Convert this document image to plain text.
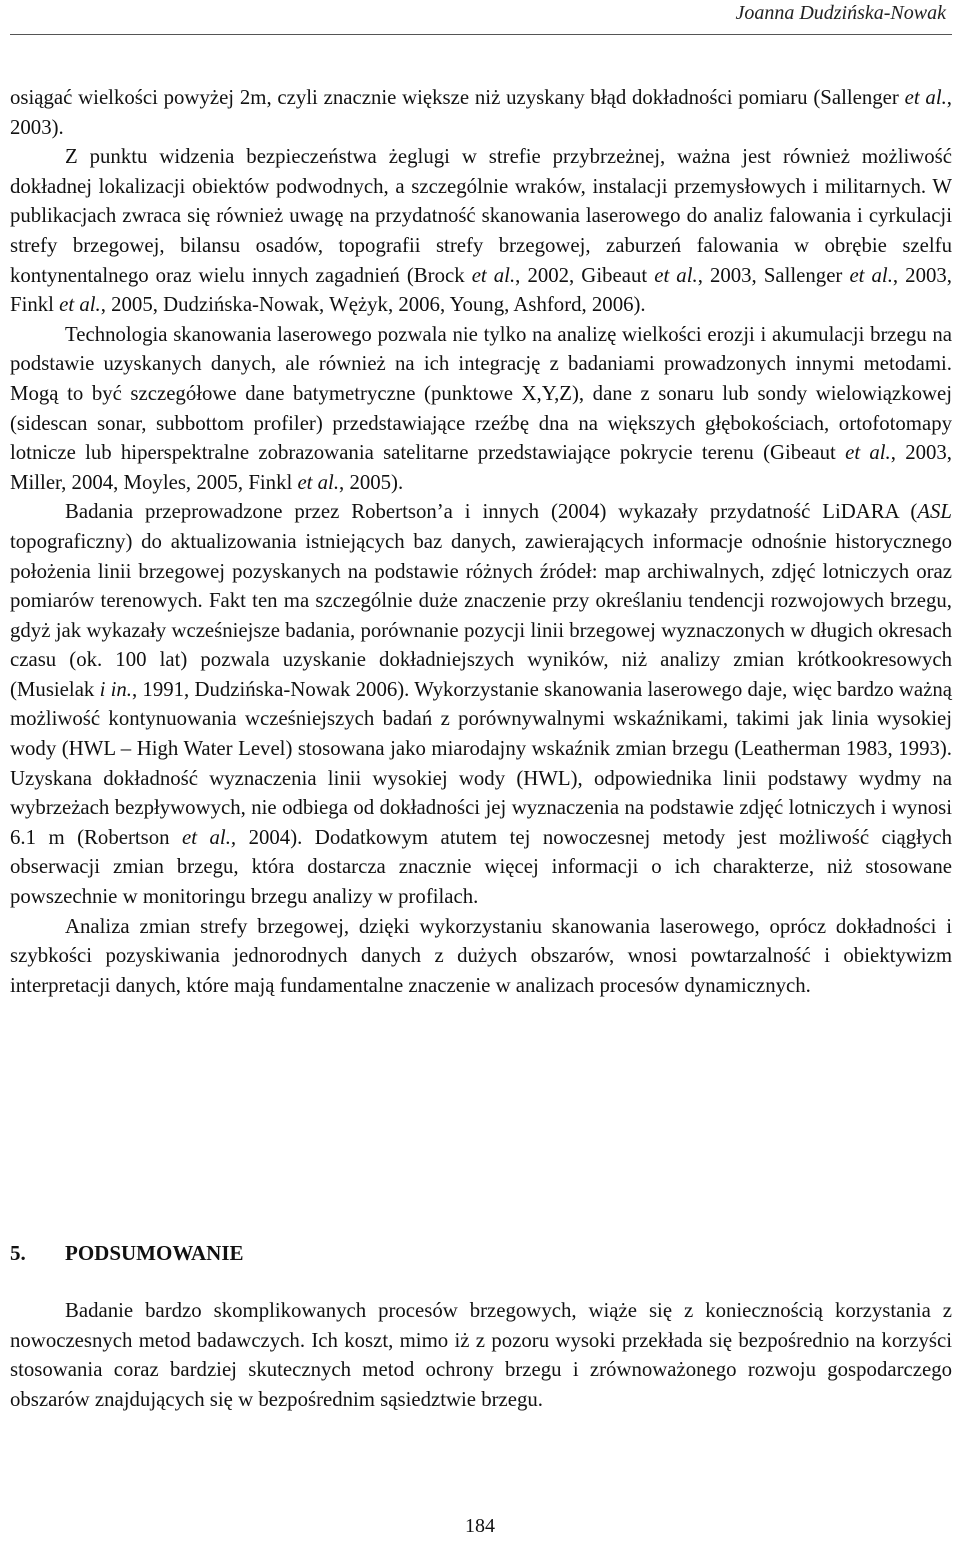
Joanna Dudzińska-Nowak

osiągać wielkości powyżej 2m, czyli znacznie większe niż uzyskany błąd dokładności pomiaru (Sallenger et al., 2003).

Z punktu widzenia bezpieczeństwa żeglugi w strefie przybrzeżnej, ważna jest również możliwość dokładnej lokalizacji obiektów podwodnych, a szczególnie wraków, instalacji przemysłowych i militarnych. W publikacjach zwraca się również uwagę na przydatność skanowania laserowego do analiz falowania i cyrkulacji strefy brzegowej, bilansu osadów, topografii strefy brzegowej, zaburzeń falowania w obrębie szelfu kontynentalnego oraz wielu innych zagadnień (Brock et al., 2002, Gibeaut et al., 2003, Sallenger et al., 2003, Finkl et al., 2005, Dudzińska-Nowak, Wężyk, 2006, Young, Ashford, 2006).

Technologia skanowania laserowego pozwala nie tylko na analizę wielkości erozji i akumulacji brzegu na podstawie uzyskanych danych, ale również na ich integrację z badaniami prowadzonych innymi metodami. Mogą to być szczegółowe dane batymetryczne (punktowe X,Y,Z), dane z sonaru lub sondy wielowiązkowej (sidescan sonar, subbottom profiler) przedstawiające rzeźbę dna na większych głębokościach, ortofotomapy lotnicze lub hiperspektralne zobrazowania satelitarne przedstawiające pokrycie terenu (Gibeaut et al., 2003, Miller, 2004, Moyles, 2005, Finkl et al., 2005).

Badania przeprowadzone przez Robertson’a i innych (2004) wykazały przydatność LiDARA (ASL topograficzny) do aktualizowania istniejących baz danych, zawierających informacje odnośnie historycznego położenia linii brzegowej pozyskanych na podstawie różnych źródeł: map archiwalnych, zdjęć lotniczych oraz pomiarów terenowych. Fakt ten ma szczególnie duże znaczenie przy określaniu tendencji rozwojowych brzegu, gdyż jak wykazały wcześniejsze badania, porównanie pozycji linii brzegowej wyznaczonych w długich okresach czasu (ok. 100 lat) pozwala uzyskanie dokładniejszych wyników, niż analizy zmian krótkookresowych (Musielak i in., 1991, Dudzińska-Nowak 2006). Wykorzystanie skanowania laserowego daje, więc bardzo ważną możliwość kontynuowania wcześniejszych badań z porównywalnymi wskaźnikami, takimi jak linia wysokiej wody (HWL – High Water Level) stosowana jako miarodajny wskaźnik zmian brzegu (Leatherman 1983, 1993). Uzyskana dokładność wyznaczenia linii wysokiej wody (HWL), odpowiednika linii podstawy wydmy na wybrzeżach bezpływowych, nie odbiega od dokładności jej wyznaczenia na podstawie zdjęć lotniczych i wynosi 6.1 m (Robertson et al., 2004). Dodatkowym atutem tej nowoczesnej metody jest możliwość ciągłych obserwacji zmian brzegu, która dostarcza znacznie więcej informacji o ich charakterze, niż stosowane powszechnie w monitoringu brzegu analizy w profilach.

Analiza zmian strefy brzegowej, dzięki wykorzystaniu skanowania laserowego, oprócz dokładności i szybkości pozyskiwania jednorodnych danych z dużych obszarów, wnosi powtarzalność i obiektywizm interpretacji danych, które mają fundamentalne znaczenie w analizach procesów dynamicznych.

5. PODSUMOWANIE

Badanie bardzo skomplikowanych procesów brzegowych, wiąże się z koniecznością korzystania z nowoczesnych metod badawczych. Ich koszt, mimo iż z pozoru wysoki przekłada się bezpośrednio na korzyści stosowania coraz bardziej skutecznych metod ochrony brzegu i zrównoważonego rozwoju gospodarczego obszarów znajdujących się w bezpośrednim sąsiedztwie brzegu.

184
